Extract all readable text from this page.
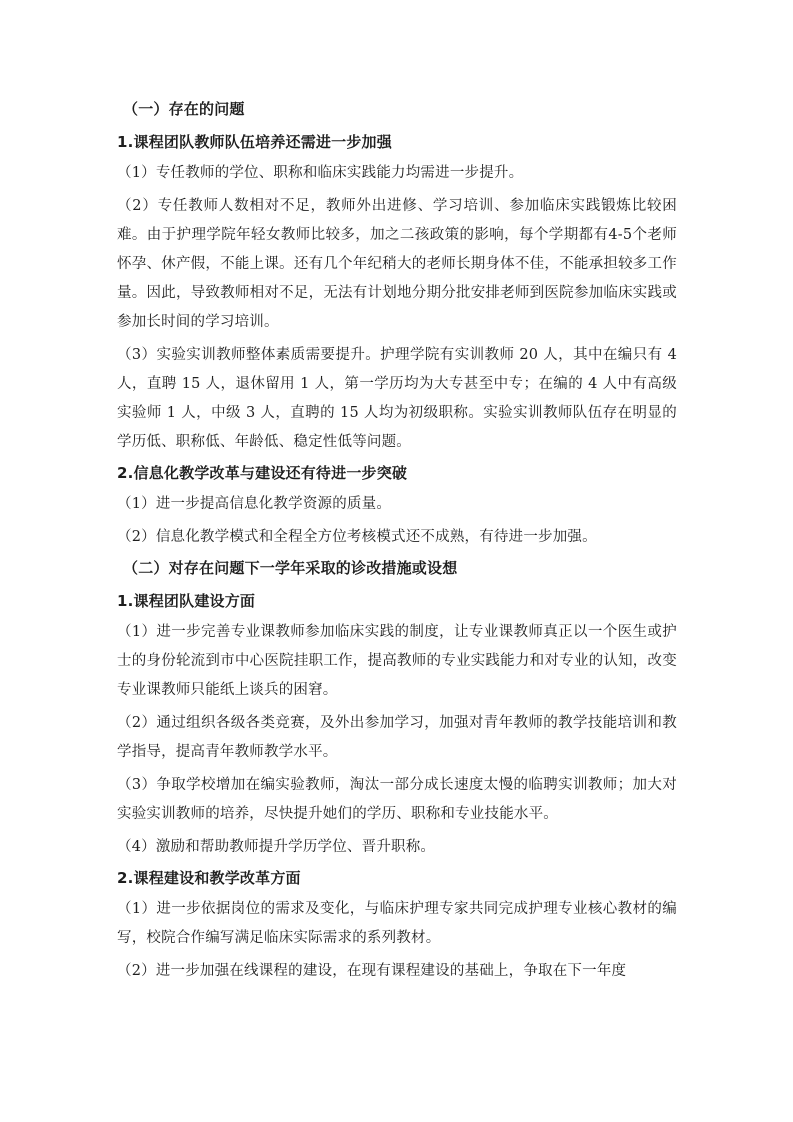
（一）存在的问题
1.课程团队教师队伍培养还需进一步加强
（1）专任教师的学位、职称和临床实践能力均需进一步提升。
（2）专任教师人数相对不足，教师外出进修、学习培训、参加临床实践锻炼比较困难。由于护理学院年轻女教师比较多，加之二孩政策的影响，每个学期都有4-5个老师怀孕、休产假，不能上课。还有几个年纪稍大的老师长期身体不佳，不能承担较多工作量。因此，导致教师相对不足，无法有计划地分期分批安排老师到医院参加临床实践或参加长时间的学习培训。
（3）实验实训教师整体素质需要提升。护理学院有实训教师 20 人，其中在编只有 4 人，直聘 15 人，退休留用 1 人，第一学历均为大专甚至中专；在编的 4 人中有高级实验师 1 人，中级 3 人，直聘的 15 人均为初级职称。实验实训教师队伍存在明显的学历低、职称低、年龄低、稳定性低等问题。
2.信息化教学改革与建设还有待进一步突破
（1）进一步提高信息化教学资源的质量。
（2）信息化教学模式和全程全方位考核模式还不成熟，有待进一步加强。
（二）对存在问题下一学年采取的诊改措施或设想
1.课程团队建设方面
（1）进一步完善专业课教师参加临床实践的制度，让专业课教师真正以一个医生或护士的身份轮流到市中心医院挂职工作，提高教师的专业实践能力和对专业的认知，改变专业课教师只能纸上谈兵的困窘。
（2）通过组织各级各类竞赛，及外出参加学习，加强对青年教师的教学技能培训和教学指导，提高青年教师教学水平。
（3）争取学校增加在编实验教师，淘汰一部分成长速度太慢的临聘实训教师；加大对实验实训教师的培养，尽快提升她们的学历、职称和专业技能水平。
（4）激励和帮助教师提升学历学位、晋升职称。
2.课程建设和教学改革方面
（1）进一步依据岗位的需求及变化，与临床护理专家共同完成护理专业核心教材的编写，校院合作编写满足临床实际需求的系列教材。
（2）进一步加强在线课程的建设，在现有课程建设的基础上，争取在下一年度
